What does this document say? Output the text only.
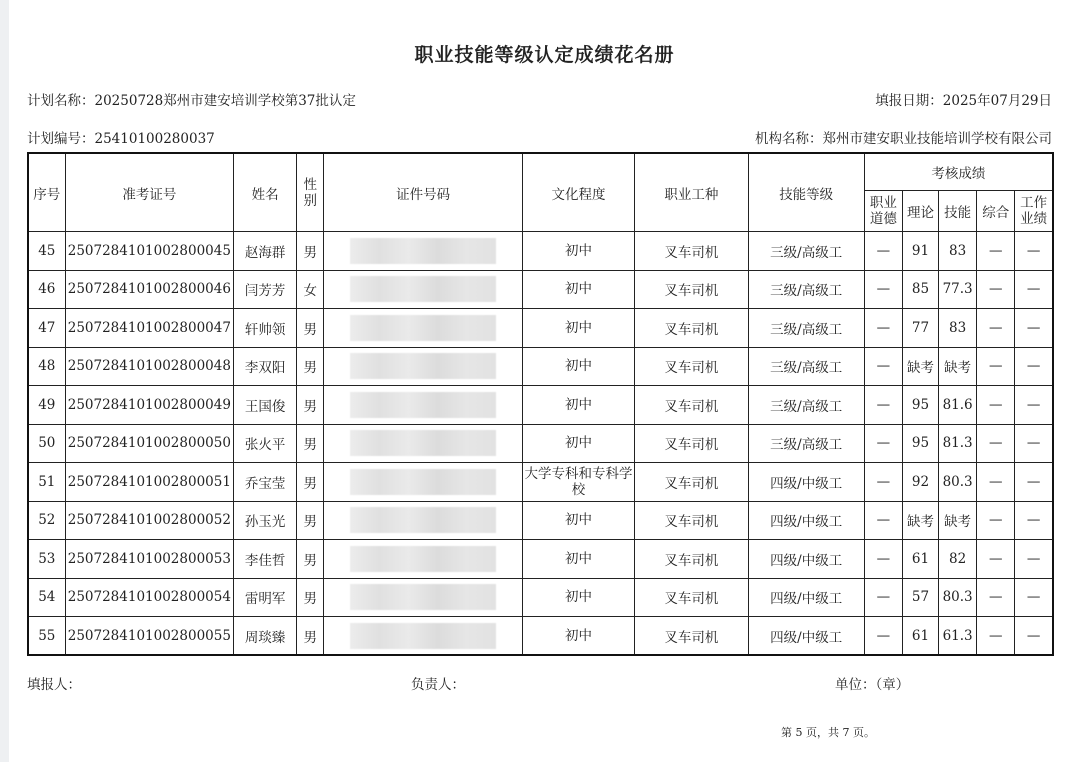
职业技能等级认定成绩花名册
计划名称：20250728郑州市建安培训学校第37批认定	填报日期：2025年07月29日
计划编号：25410100280037	机构名称：郑州市建安职业技能培训学校有限公司
序号	准考证号	姓名	性别	证件号码	文化程度	职业工种	技能等级	考核成绩				
								职业道德	理论	技能	综合	工作业绩
45	2507284101002800045	赵海群	男		初中	叉车司机	三级/高级工	—	91	83	—	—
46	2507284101002800046	闫芳芳	女		初中	叉车司机	三级/高级工	—	85	77.3	—	—
47	2507284101002800047	轩帅领	男		初中	叉车司机	三级/高级工	—	77	83	—	—
48	2507284101002800048	李双阳	男		初中	叉车司机	三级/高级工	—	缺考	缺考	—	—
49	2507284101002800049	王国俊	男		初中	叉车司机	三级/高级工	—	95	81.6	—	—
50	2507284101002800050	张火平	男		初中	叉车司机	三级/高级工	—	95	81.3	—	—
51	2507284101002800051	乔宝莹	男		大学专科和专科学校	叉车司机	四级/中级工	—	92	80.3	—	—
52	2507284101002800052	孙玉光	男		初中	叉车司机	四级/中级工	—	缺考	缺考	—	—
53	2507284101002800053	李佳哲	男		初中	叉车司机	四级/中级工	—	61	82	—	—
54	2507284101002800054	雷明军	男		初中	叉车司机	四级/中级工	—	57	80.3	—	—
55	2507284101002800055	周琰臻	男		初中	叉车司机	四级/中级工	—	61	61.3	—	—
填报人：	负责人：	单位：（章）
第 5 页，共 7 页。
